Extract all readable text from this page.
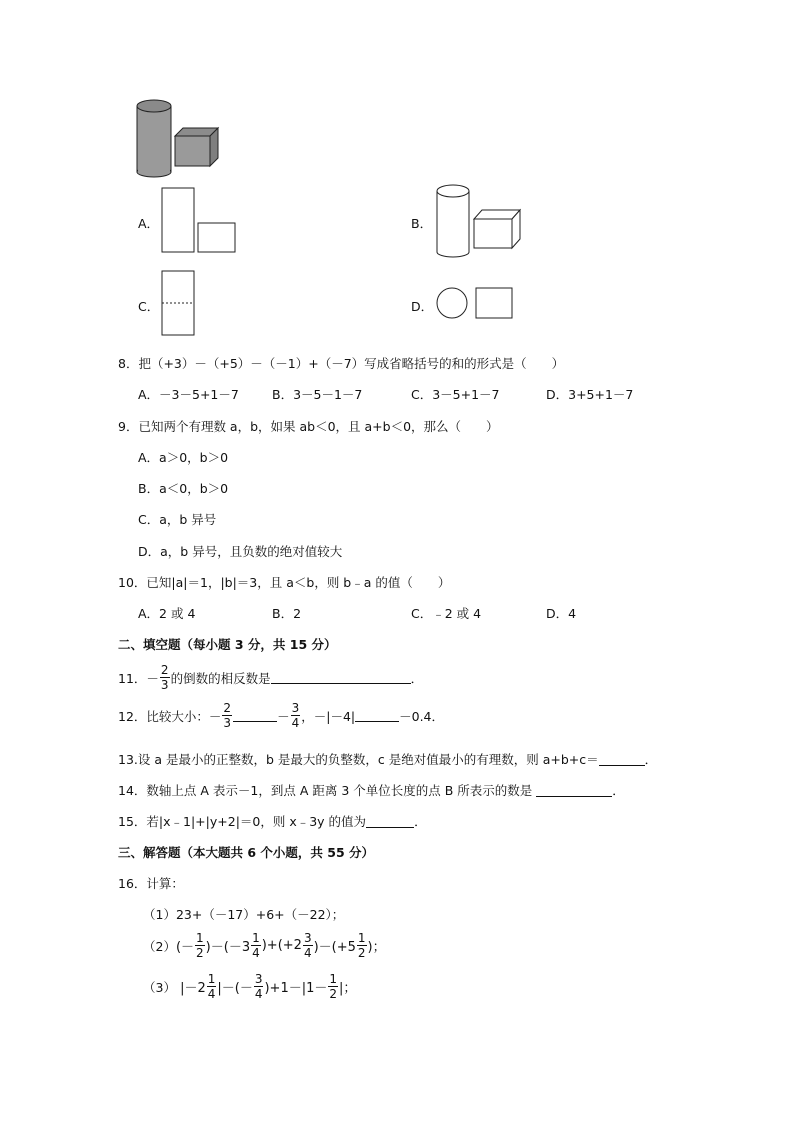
A．	B．
C．	D．
8．把（+3）－（+5）－（－1）+（－7）写成省略括号的和的形式是（　　）
A．－3－5+1－7	B．3－5－1－7	C．3－5+1－7	D．3+5+1－7
9．已知两个有理数 a，b，如果 ab＜0，且 a+b＜0，那么（　　）
A．a＞0，b＞0
B．a＜0，b＞0
C．a，b 异号
D．a，b 异号，且负数的绝对值较大
10．已知|a|＝1，|b|＝3，且 a＜b，则 b﹣a 的值（　　）
A．2 或 4	B．2	C．﹣2 或 4	D．4
二、填空题（每小题 3 分，共 15 分）
11． － $\frac{2}{3}$ 的倒数的相反数是	．
12．比较大小： － $\frac{2}{3}$	－ $\frac{3}{4}$ ， －|－4|	－0.4 ．
13.设 a 是最小的正整数，b 是最大的负整数，c 是绝对值最小的有理数，则 a+b+c＝	．
14．数轴上点 A 表示－1，到点 A 距离 3 个单位长度的点 B 所表示的数是	．
15．若|x﹣1|+|y+2|＝0，则 x﹣3y 的值为	．
三、解答题（本大题共 6 个小题，共 55 分）
16．计算：
（1）23+（－17）+6+（－22）；
（2） (－ $\frac{1}{2} )-(-3 \frac{1}{4} )+(+2 \frac{3}{4} )-(+5 \frac{1}{2}$ )；
（3） $|-2 \frac{1}{4}$ |－(－ $\frac{3}{4} )+1-|1- \frac{1}{2}$ |；
